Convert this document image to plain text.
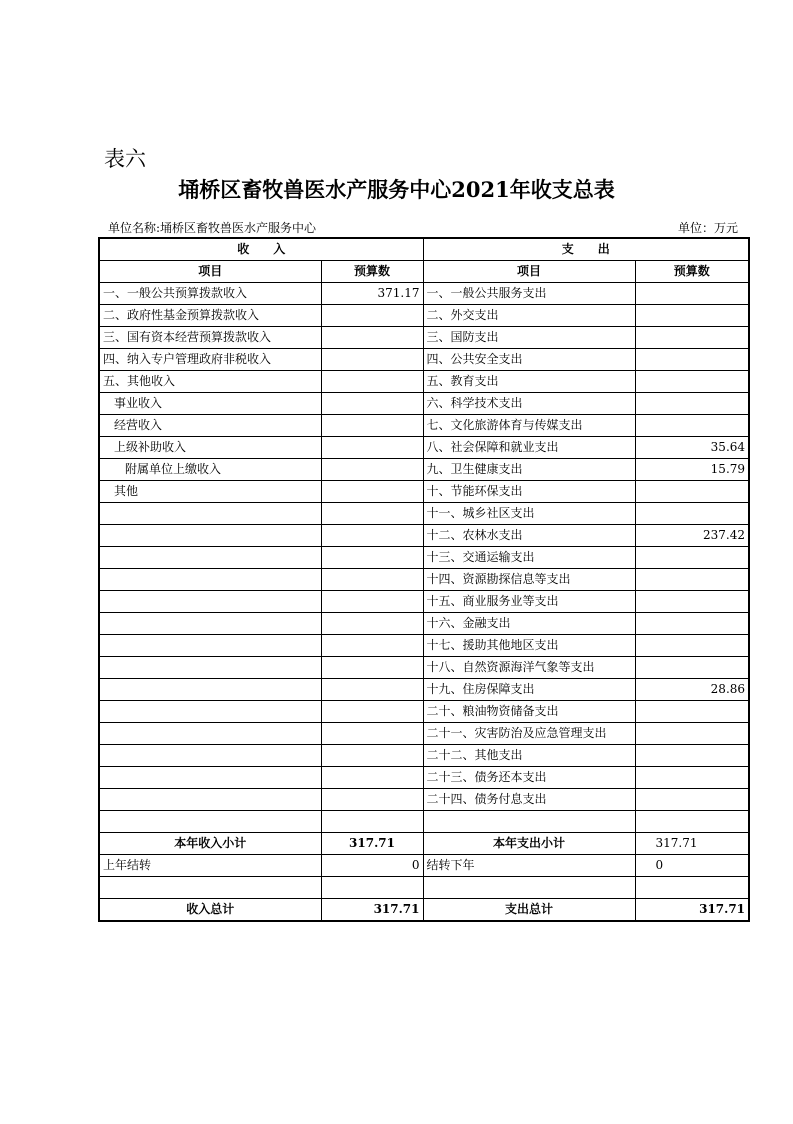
表六
埇桥区畜牧兽医水产服务中心2021年收支总表
单位名称:埇桥区畜牧兽医水产服务中心	单位：万元
收　　入		支　　出	
项目	预算数	项目	预算数
一、一般公共预算拨款收入	371.17	一、一般公共服务支出	
二、政府性基金预算拨款收入		二、外交支出	
三、国有资本经营预算拨款收入		三、国防支出	
四、纳入专户管理政府非税收入		四、公共安全支出	
五、其他收入		五、教育支出	
事业收入		六、科学技术支出	
经营收入		七、文化旅游体育与传媒支出	
上级补助收入		八、社会保障和就业支出	35.64
附属单位上缴收入		九、卫生健康支出	15.79
其他		十、节能环保支出	
		十一、城乡社区支出	
		十二、农林水支出	237.42
		十三、交通运输支出	
		十四、资源勘探信息等支出	
		十五、商业服务业等支出	
		十六、金融支出	
		十七、援助其他地区支出	
		十八、自然资源海洋气象等支出	
		十九、住房保障支出	28.86
		二十、粮油物资储备支出	
		二十一、灾害防治及应急管理支出	
		二十二、其他支出	
		二十三、债务还本支出	
		二十四、债务付息支出	

本年收入小计	317.71	本年支出小计	317.71
上年结转	0	结转下年	0

收入总计	317.71	支出总计	317.71
